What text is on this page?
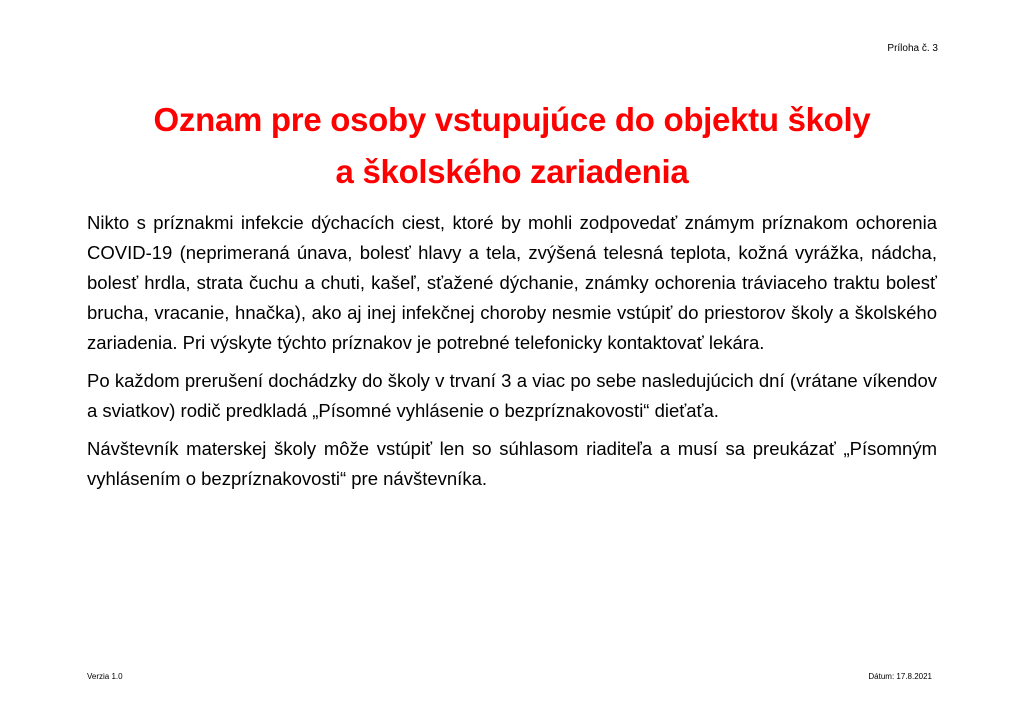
Príloha č. 3
Oznam pre osoby vstupujúce do objektu školy
a školského zariadenia

Nikto s príznakmi infekcie dýchacích ciest, ktoré by mohli zodpovedať známym príznakom ochorenia COVID-19 (neprimeraná únava, bolesť hlavy a tela, zvýšená telesná teplota, kožná vyrážka, nádcha, bolesť hrdla, strata čuchu a chuti, kašeľ, sťažené dýchanie, známky ochorenia tráviaceho traktu bolesť brucha, vracanie, hnačka), ako aj inej infekčnej choroby nesmie vstúpiť do priestorov školy a školského zariadenia. Pri výskyte týchto príznakov je potrebné telefonicky kontaktovať lekára.

Po každom prerušení dochádzky do školy v trvaní 3 a viac po sebe nasledujúcich dní (vrátane víkendov a sviatkov) rodič predkladá „Písomné vyhlásenie o bezpríznakovosti“ dieťaťa.

Návštevník materskej školy môže vstúpiť len so súhlasom riaditeľa a musí sa preukázať „Písomným vyhlásením o bezpríznakovosti“ pre návštevníka.

Verzia 1.0	Dátum: 17.8.2021
